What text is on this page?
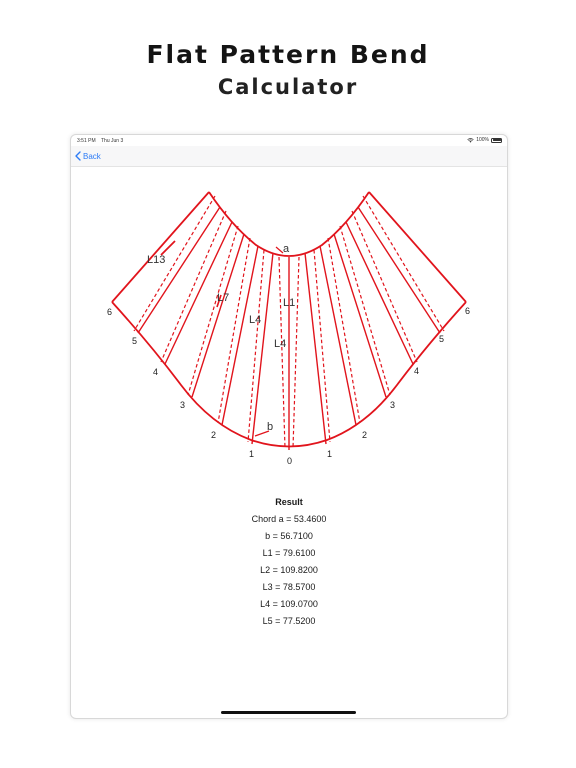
Flat Pattern Bend
Calculator
3:51 PM Thu Jun 3	100%
Back
6
5
4
3
2
1
0
1
2
3
4
5
6
a
b
L13
L7
L4
L1
L4
Result
Chord a = 53.4600
b = 56.7100
L1 = 79.6100
L2 = 109.8200
L3 = 78.5700
L4 = 109.0700
L5 = 77.5200
